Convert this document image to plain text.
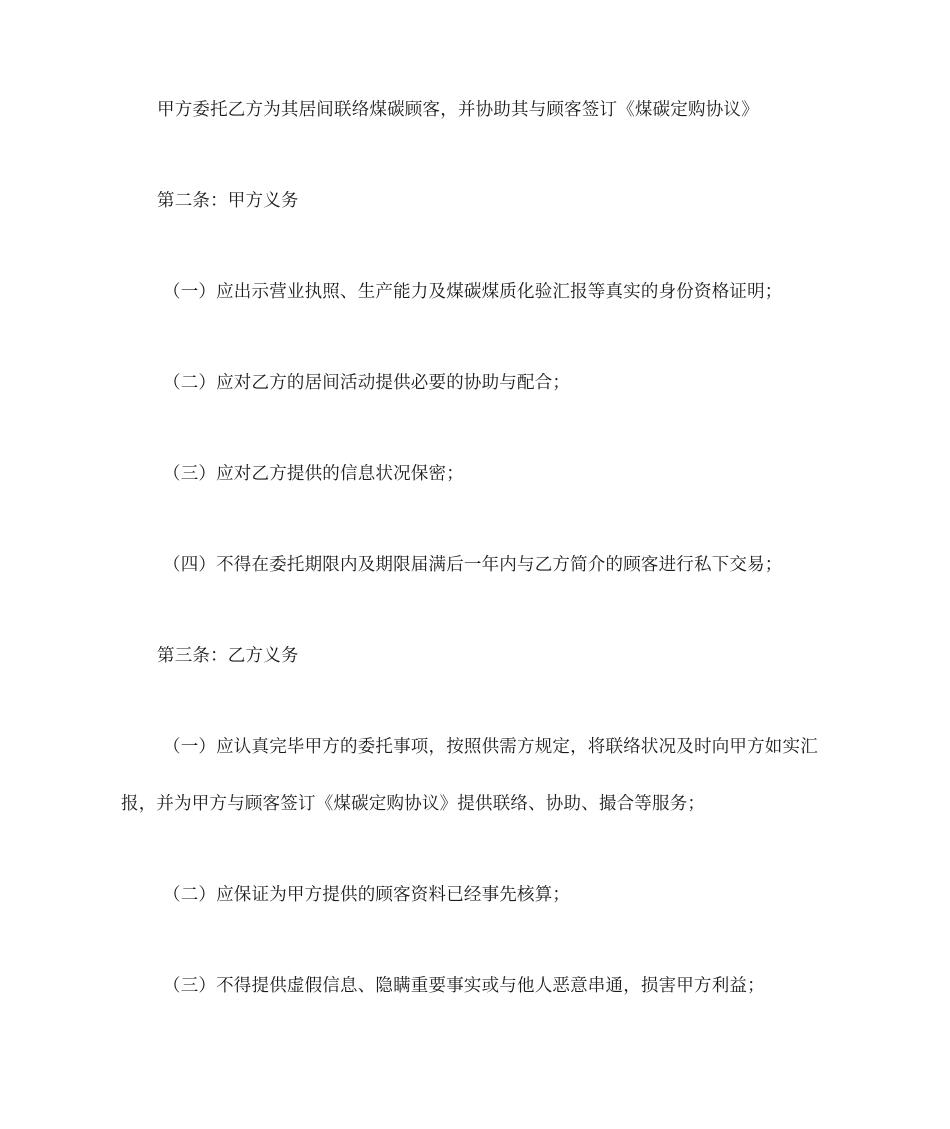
甲方委托乙方为其居间联络煤碳顾客，并协助其与顾客签订《煤碳定购协议》
第二条：甲方义务
（一）应出示营业执照、生产能力及煤碳煤质化验汇报等真实的身份资格证明；
（二）应对乙方的居间活动提供必要的协助与配合；
（三）应对乙方提供的信息状况保密；
（四）不得在委托期限内及期限届满后一年内与乙方简介的顾客进行私下交易；
第三条：乙方义务
（一）应认真完毕甲方的委托事项，按照供需方规定，将联络状况及时向甲方如实汇
报，并为甲方与顾客签订《煤碳定购协议》提供联络、协助、撮合等服务；
（二）应保证为甲方提供的顾客资料已经事先核算；
（三）不得提供虚假信息、隐瞒重要事实或与他人恶意串通，损害甲方利益；
